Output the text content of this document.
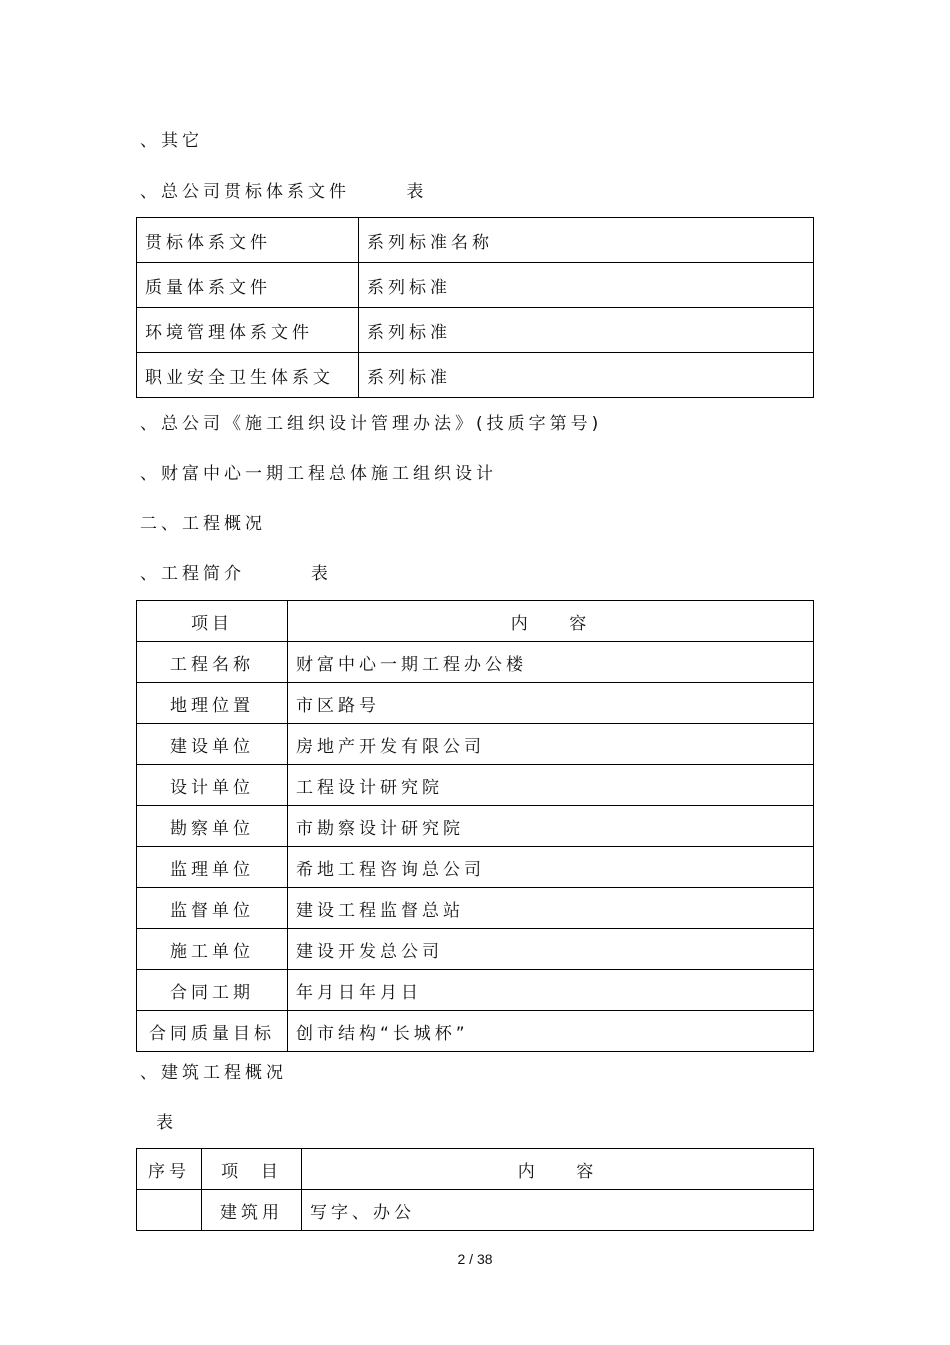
、其它
、总公司贯标体系文件      表
贯标体系文件	系列标准名称
质量体系文件	系列标准
环境管理体系文件	系列标准
职业安全卫生体系文	系列标准
、总公司《施工组织设计管理办法》(技质字第号)
、财富中心一期工程总体施工组织设计
二、工程概况
、工程简介       表
项目	内    容
工程名称	财富中心一期工程办公楼
地理位置	市区路号
建设单位	房地产开发有限公司
设计单位	工程设计研究院
勘察单位	市勘察设计研究院
监理单位	希地工程咨询总公司
监督单位	建设工程监督总站
施工单位	建设开发总公司
合同工期	年月日年月日
合同质量目标	创市结构“长城杯”
、建筑工程概况
表
序号	项  目	内    容
	建筑用	写字、办公
2 / 38
